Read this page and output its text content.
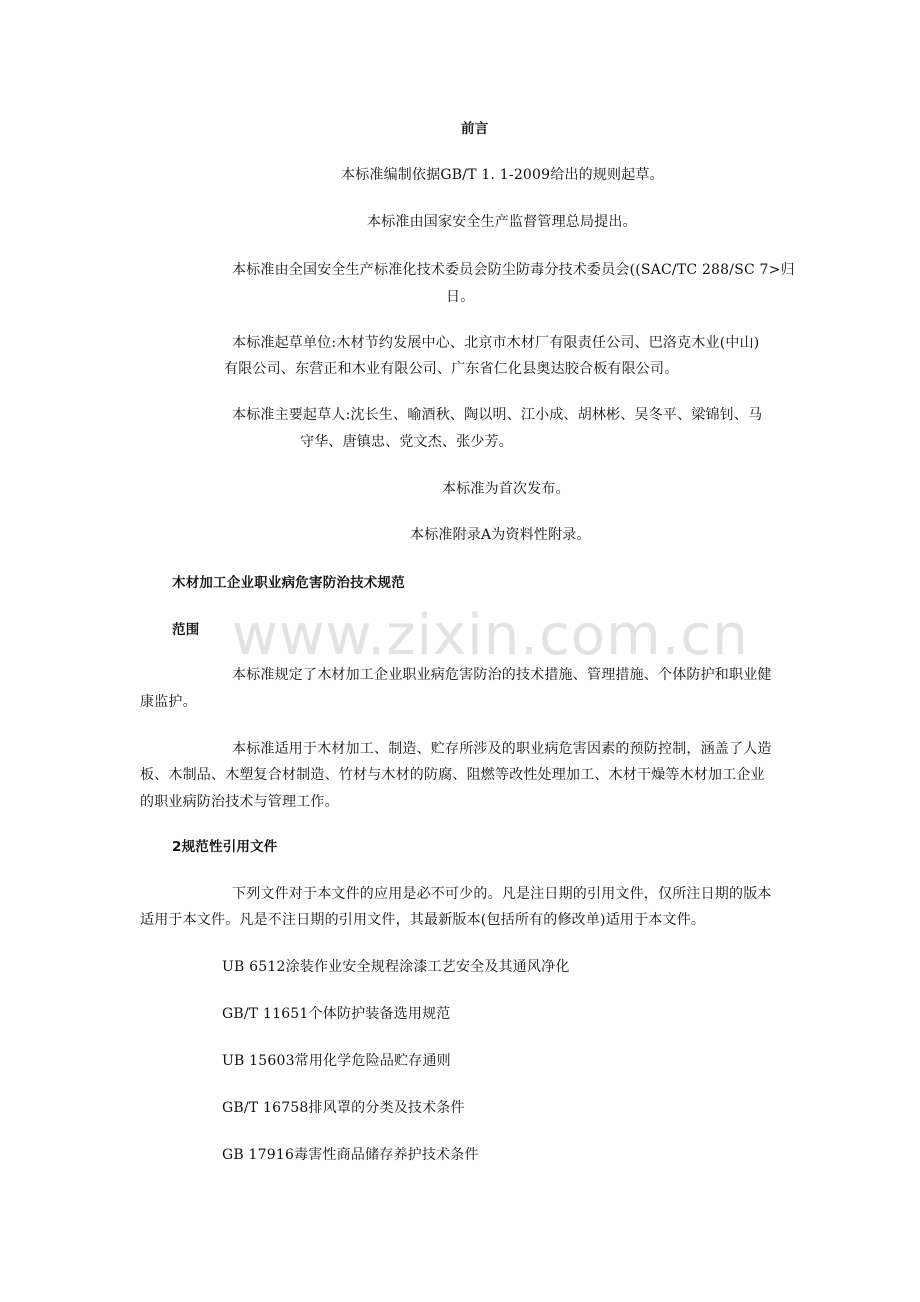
www.zixin.com.cn
前言
本标准编制依据GB/T 1. 1-2009给出的规则起草。
本标准由国家安全生产监督管理总局提出。
本标准由全国安全生产标准化技术委员会防尘防毒分技术委员会((SAC/TC 288/SC 7>归
日。
本标准起草单位:木材节约发展中心、北京市木材厂有限责任公司、巴洛克木业(中山)
有限公司、东营正和木业有限公司、广东省仁化县奥达胶合板有限公司。
本标准主要起草人:沈长生、喻酒秋、陶以明、江小成、胡林彬、吴冬平、梁锦钊、马
守华、唐镇忠、党文杰、张少芳。
本标准为首次发布。
本标准附录A为资料性附录。
木材加工企业职业病危害防治技术规范
范围
本标准规定了木材加工企业职业病危害防治的技术措施、管理措施、个体防护和职业健
康监护。
本标准适用于木材加工、制造、贮存所涉及的职业病危害因素的预防控制，涵盖了人造
板、木制品、木塑复合材制造、竹材与木材的防腐、阻燃等改性处理加工、木材干燥等木材加工企业
的职业病防治技术与管理工作。
2规范性引用文件
下列文件对于本文件的应用是必不可少的。凡是注日期的引用文件，仅所注日期的版本
适用于本文件。凡是不注日期的引用文件，其最新版本(包括所有的修改单)适用于本文件。
UB 6512涂装作业安全规程涂漆工艺安全及其通风净化
GB/T 11651个体防护装备选用规范
UB 15603常用化学危险品贮存通则
GB/T 16758排风罩的分类及技术条件
GB 17916毒害性商品储存养护技术条件
